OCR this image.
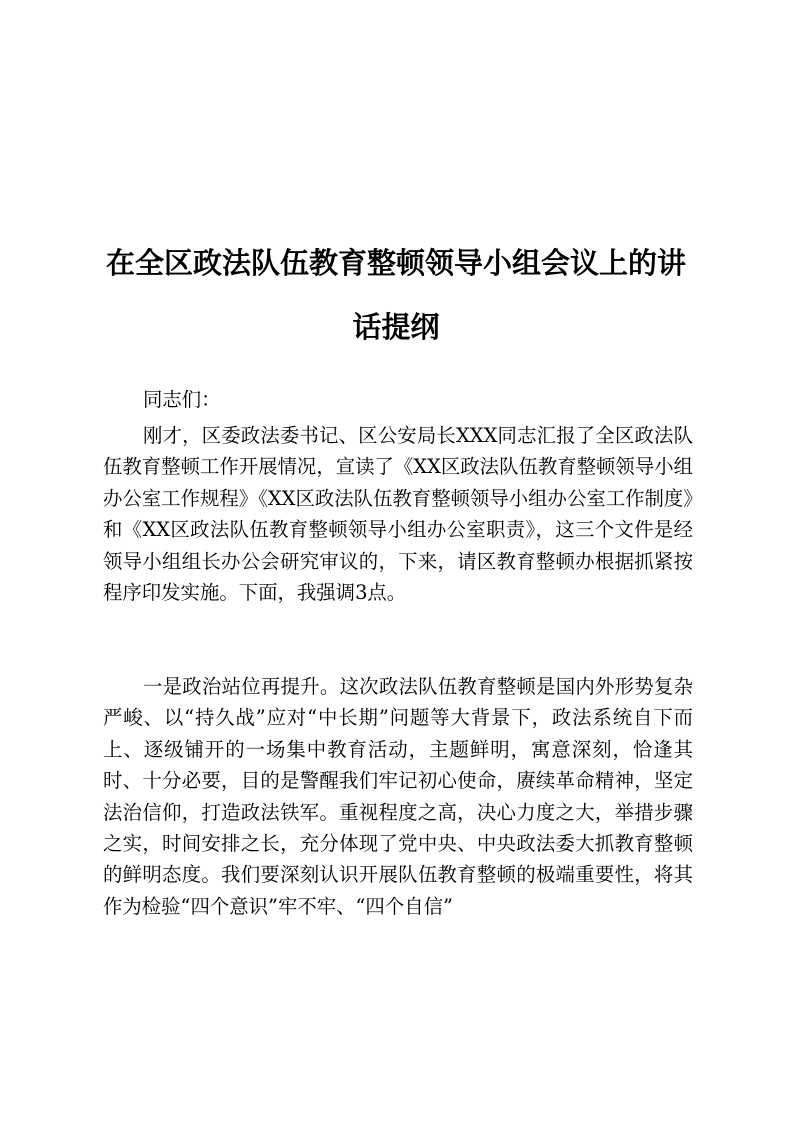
在全区政法队伍教育整顿领导小组会议上的讲
话提纲
同志们：

刚才，区委政法委书记、区公安局长XXX同志汇报了全区政法队伍教育整顿工作开展情况，宣读了《XX区政法队伍教育整顿领导小组办公室工作规程》《XX区政法队伍教育整顿领导小组办公室工作制度》和《XX区政法队伍教育整顿领导小组办公室职责》，这三个文件是经领导小组组长办公会研究审议的，下来，请区教育整顿办根据抓紧按程序印发实施。下面，我强调3点。

一是政治站位再提升。这次政法队伍教育整顿是国内外形势复杂严峻、以“持久战”应对“中长期”问题等大背景下，政法系统自下而上、逐级铺开的一场集中教育活动，主题鲜明，寓意深刻，恰逢其时、十分必要，目的是警醒我们牢记初心使命，赓续革命精神，坚定法治信仰，打造政法铁军。重视程度之高，决心力度之大，举措步骤之实，时间安排之长，充分体现了党中央、中央政法委大抓教育整顿的鲜明态度。我们要深刻认识开展队伍教育整顿的极端重要性，将其作为检验“四个意识”牢不牢、“四个自信”
